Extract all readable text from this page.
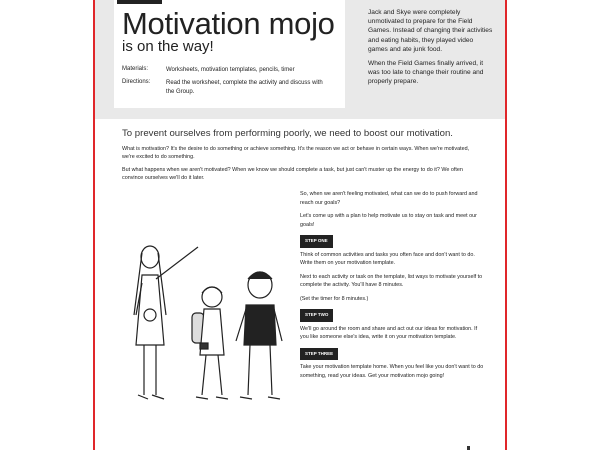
Motivation mojo
is on the way!
Materials:	Worksheets, motivation templates, pencils, timer
Directions:	Read the worksheet, complete the activity and discuss with the Group.

Jack and Skye were completely unmotivated to prepare for the Field Games. Instead of changing their activities and eating habits, they played video games and ate junk food.

When the Field Games finally arrived, it was too late to change their routine and properly prepare.

To prevent ourselves from performing poorly, we need to boost our motivation.
What is motivation? It's the desire to do something or achieve something. It's the reason we act or behave in certain ways. When we're motivated, we're excited to do something.
But what happens when we aren't motivated? When we know we should complete a task, but just can't muster up the energy to do it? We often convince ourselves we'll do it later.

So, when we aren't feeling motivated, what can we do to push forward and reach our goals?

Let's come up with a plan to help motivate us to stay on task and meet our goals!

STEP ONE

Think of common activities and tasks you often face and don't want to do. Write them on your motivation template.

Next to each activity or task on the template, list ways to motivate yourself to complete the activity. You'll have 8 minutes.

(Set the timer for 8 minutes.)

STEP TWO

We'll go around the room and share and act out our ideas for motivation. If you like someone else's idea, write it on your motivation template.

STEP THREE

Take your motivation template home. When you feel like you don't want to do something, read your ideas. Get your motivation mojo going!
